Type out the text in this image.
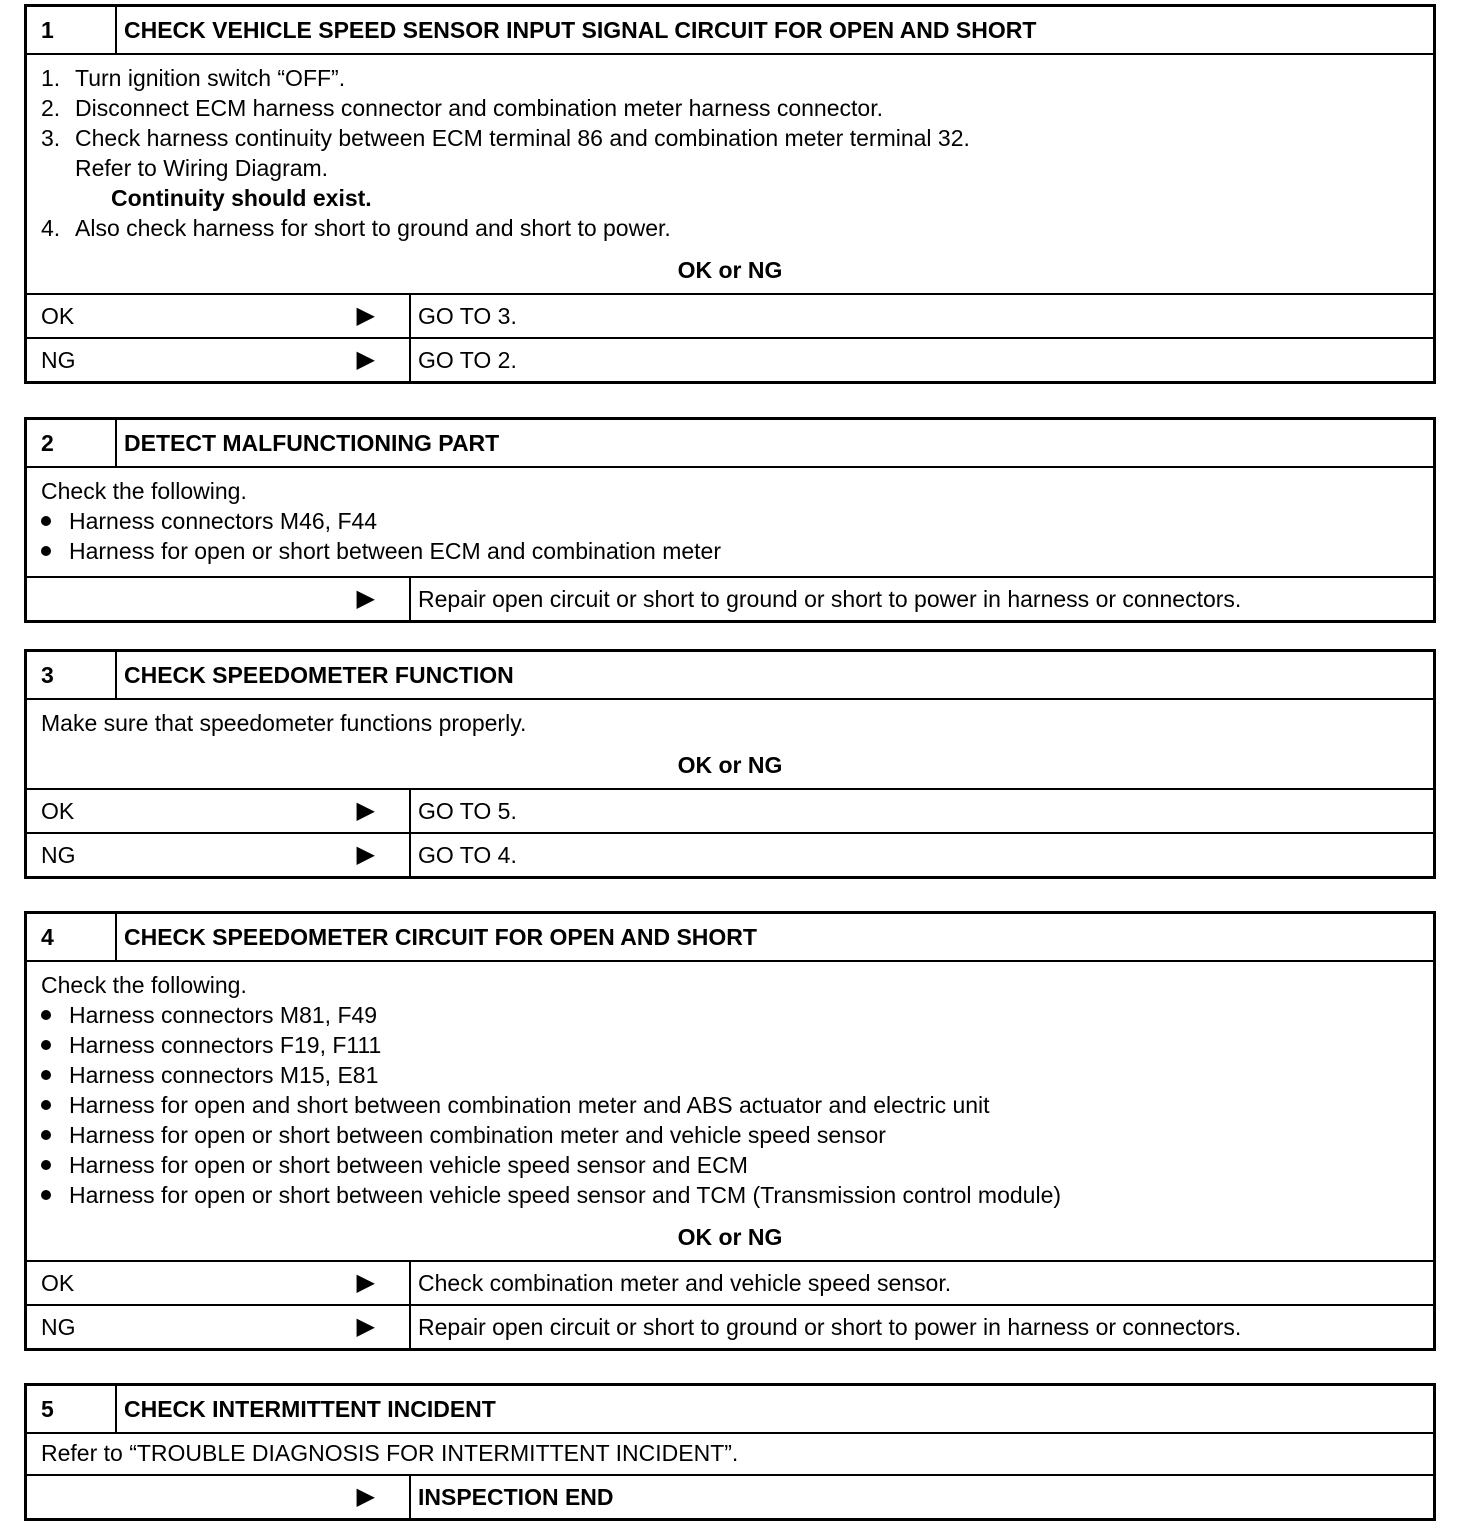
1	CHECK VEHICLE SPEED SENSOR INPUT SIGNAL CIRCUIT FOR OPEN AND SHORT
1. Turn ignition switch “OFF”.
2. Disconnect ECM harness connector and combination meter harness connector.
3. Check harness continuity between ECM terminal 86 and combination meter terminal 32.
Refer to Wiring Diagram.
Continuity should exist.
4. Also check harness for short to ground and short to power.
OK or NG
OK	▶	GO TO 3.
NG	▶	GO TO 2.
2	DETECT MALFUNCTIONING PART

Check the following.

Harness connectors M46, F44
Harness for open or short between ECM and combination meter
▶	Repair open circuit or short to ground or short to power in harness or connectors.
3	CHECK SPEEDOMETER FUNCTION

Make sure that speedometer functions properly.

OK or NG
OK	▶	GO TO 5.
NG	▶	GO TO 4.
4	CHECK SPEEDOMETER CIRCUIT FOR OPEN AND SHORT

Check the following.

Harness connectors M81, F49
Harness connectors F19, F111
Harness connectors M15, E81
Harness for open and short between combination meter and ABS actuator and electric unit
Harness for open or short between combination meter and vehicle speed sensor
Harness for open or short between vehicle speed sensor and ECM
Harness for open or short between vehicle speed sensor and TCM (Transmission control module)
OK or NG
OK	▶	Check combination meter and vehicle speed sensor.
NG	▶	Repair open circuit or short to ground or short to power in harness or connectors.
5	CHECK INTERMITTENT INCIDENT

Refer to “TROUBLE DIAGNOSIS FOR INTERMITTENT INCIDENT”.

▶	INSPECTION END
